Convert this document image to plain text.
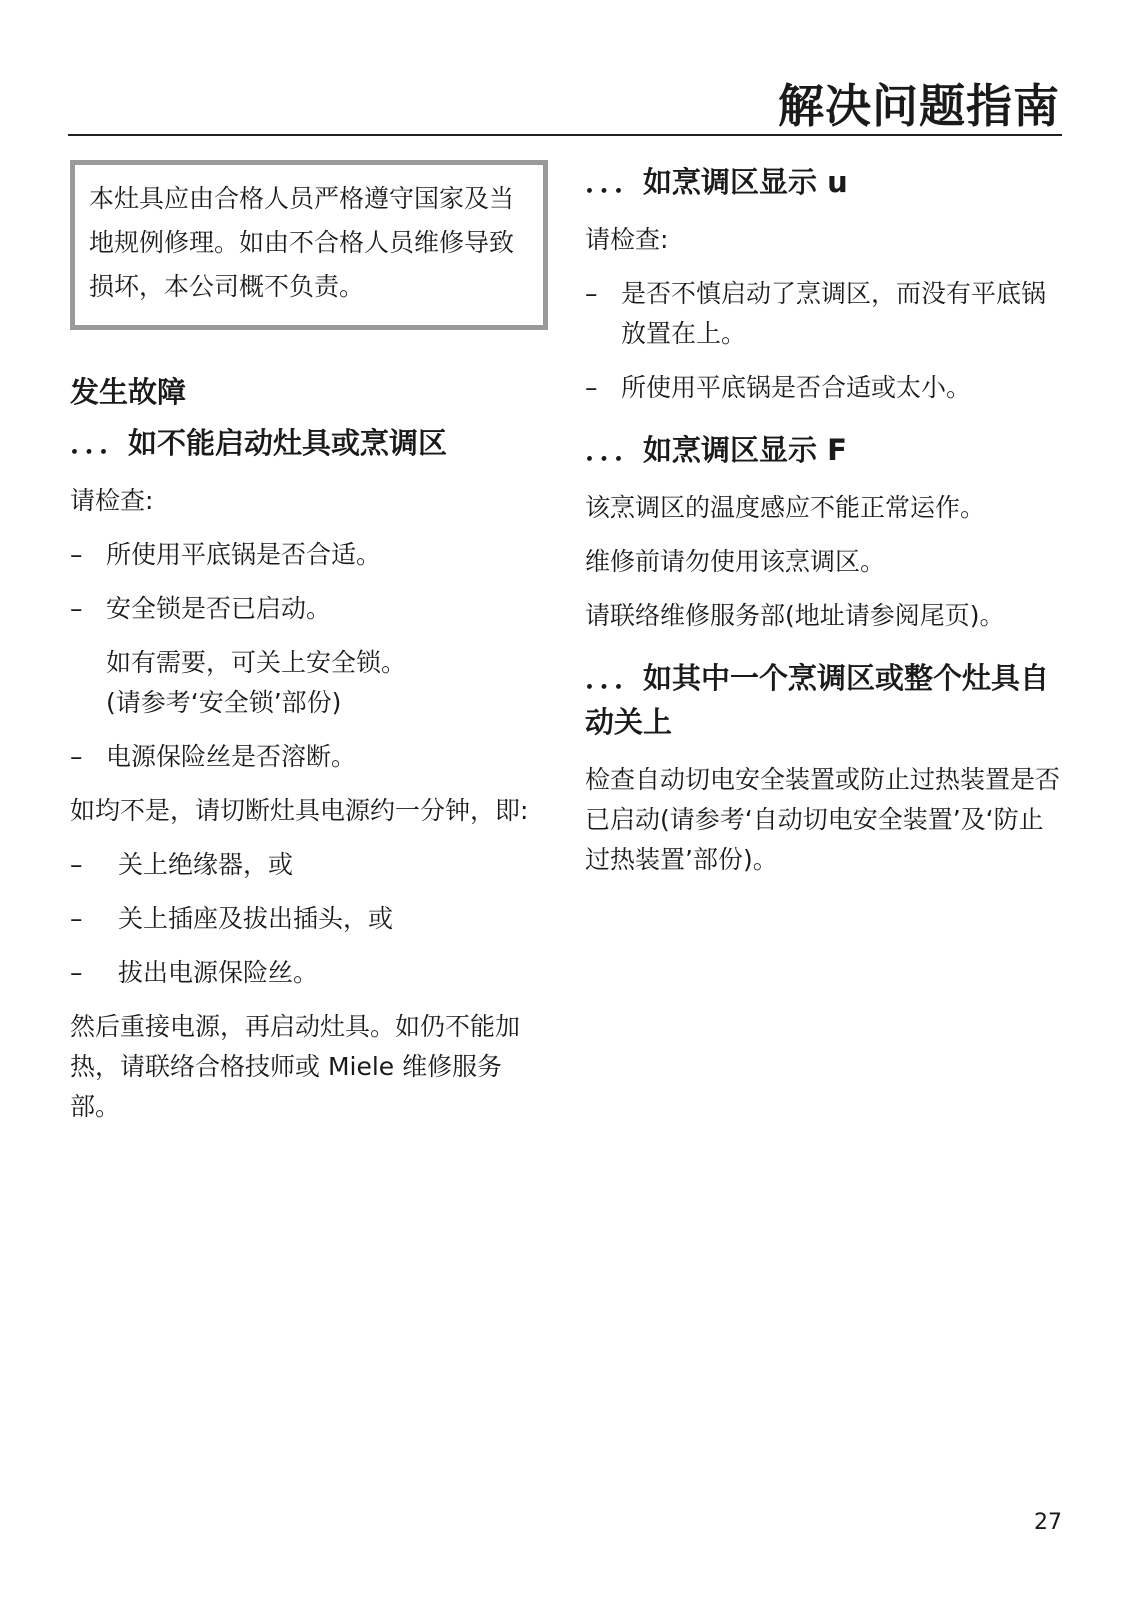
解决问题指南
本灶具应由合格人员严格遵守国家及当地规例修理。如由不合格人员维修导致损坏，本公司概不负责。
发生故障
．．．如不能启动灶具或烹调区

请检查:

– 所使用平底锅是否合适。
– 安全锁是否已启动。
如有需要，可关上安全锁。
(请参考‘安全锁’部份)
– 电源保险丝是否溶断。

如均不是，请切断灶具电源约一分钟，即:

–	关上绝缘器，或
–	关上插座及拔出插头，或
–	拔出电源保险丝。

然后重接电源，再启动灶具。如仍不能加热，请联络合格技师或 Miele 维修服务部。

．．．如烹调区显示 u

请检查:

– 是否不慎启动了烹调区，而没有平底锅放置在上。
– 所使用平底锅是否合适或太小。
．．．如烹调区显示 F

该烹调区的温度感应不能正常运作。

维修前请勿使用该烹调区。

请联络维修服务部(地址请参阅尾页)。

．．．如其中一个烹调区或整个灶具自动关上

检查自动切电安全装置或防止过热装置是否已启动(请参考‘自动切电安全装置’及‘防止过热装置’部份)。

27
